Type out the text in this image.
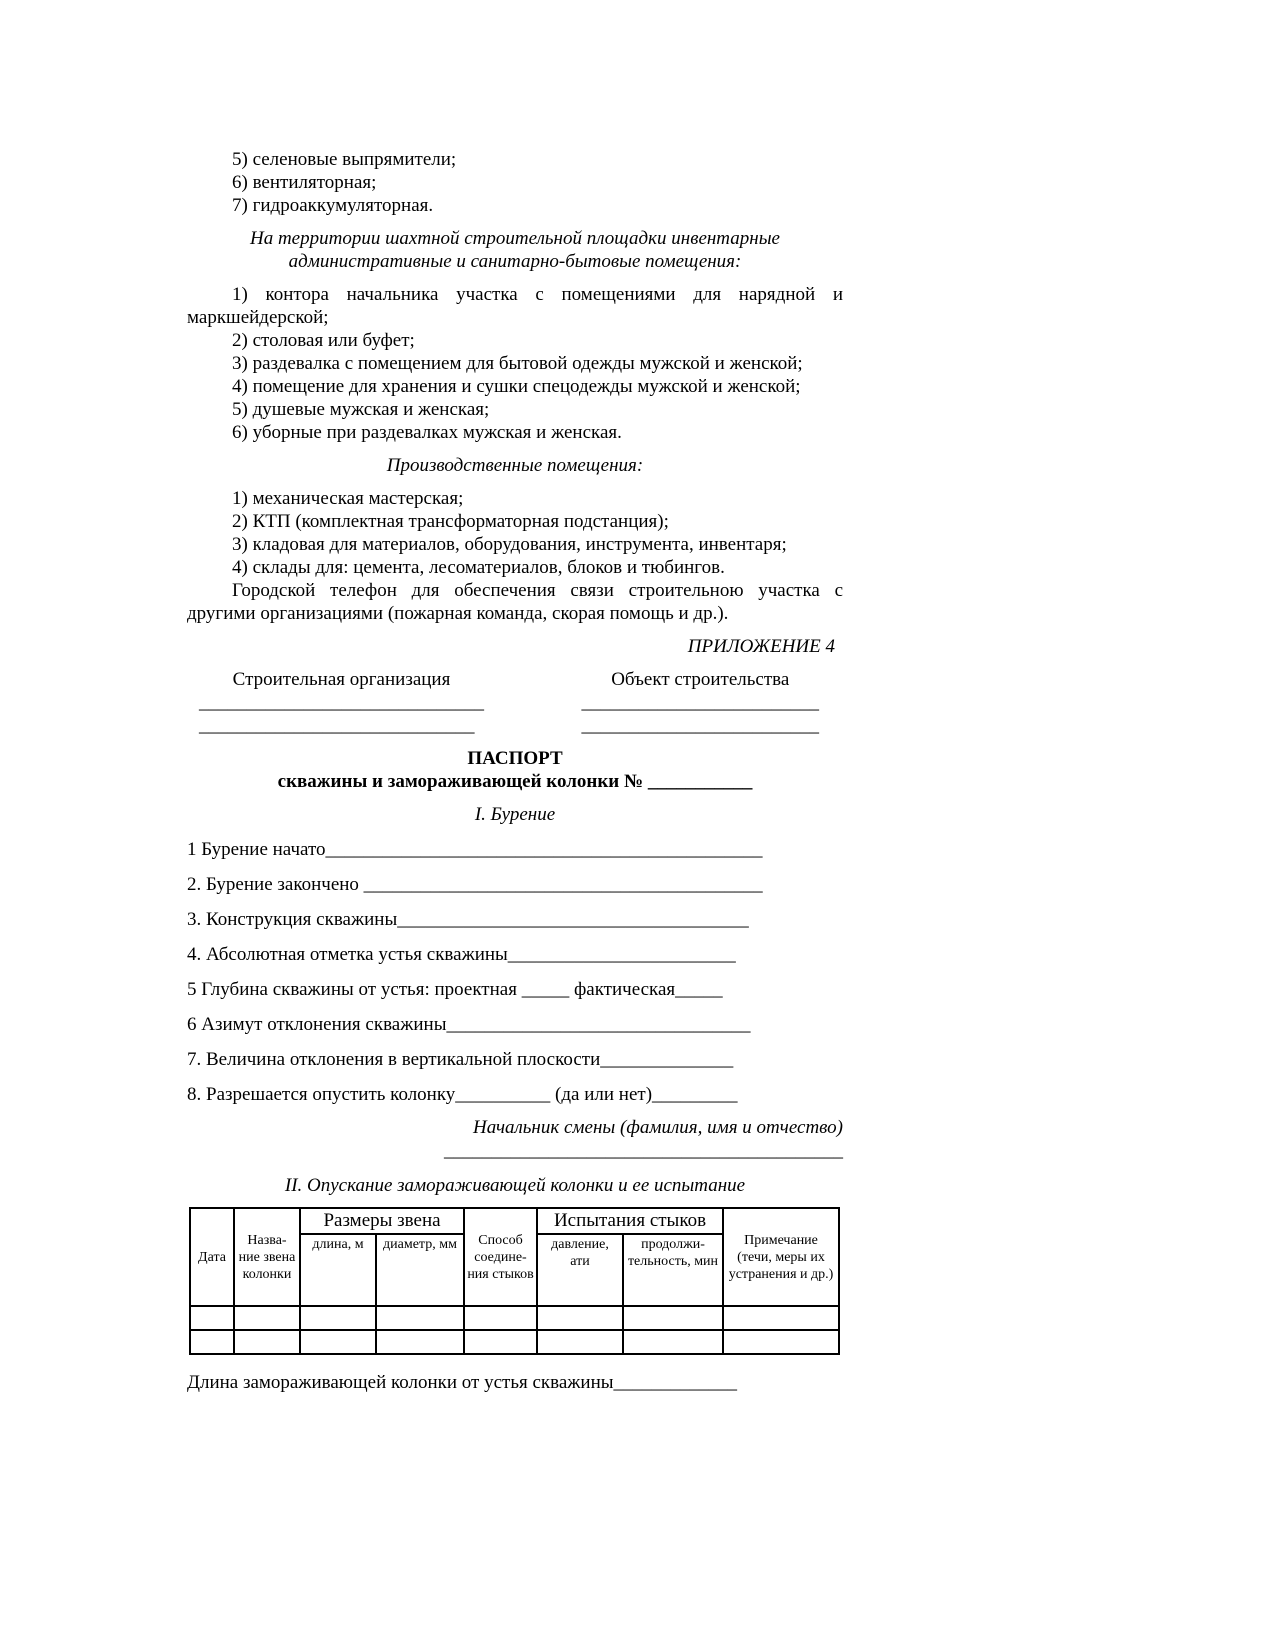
5) селеновые выпрямители;

6) вентиляторная;

7) гидроаккумуляторная.

На территории шахтной строительной площадки инвентарные

административные и санитарно-бытовые помещения:

1) контора начальника участка с помещениями для нарядной и маркшейдерской;

2) столовая или буфет;

3) раздевалка с помещением для бытовой одежды мужской и женской;

4) помещение для хранения и сушки спецодежды мужской и женской;

5) душевые мужская и женская;

6) уборные при раздевалках мужская и женская.

Производственные помещения:

1) механическая мастерская;

2) КТП (комплектная трансформаторная подстанция);

3) кладовая для материалов, оборудования, инструмента, инвентаря;

4) склады для: цемента, лесоматериалов, блоков и тюбингов.

Городской телефон для обеспечения связи строительною участка с другими организациями (пожарная команда, скорая помощь и др.).

ПРИЛОЖЕНИЕ 4

Строительная организация
______________________________
_____________________________
Объект строительства
_________________________
_________________________

ПАСПОРТ

скважины и замораживающей колонки № ___________

I. Бурение

1 Бурение начато______________________________________________

2. Бурение закончено __________________________________________

3. Конструкция скважины_____________________________________

4. Абсолютная отметка устья скважины________________________

5 Глубина скважины от устья: проектная _____ фактическая_____

6 Азимут отклонения скважины________________________________

7. Величина отклонения в вертикальной плоскости______________

8. Разрешается опустить колонку__________ (да или нет)_________

Начальник смены (фамилия, имя и отчество)

__________________________________________

II. Опускание замораживающей колонки и ее испытание

Дата	Назва-ние звена колонки	Размеры звена		Способ соедине-ния стыков	Испытания стыков		Примечание (течи, меры их устранения и др.)
		длина, м	диаметр, мм		давление, ати	продолжи-тельность, мин	

Длина замораживающей колонки от устья скважины_____________
